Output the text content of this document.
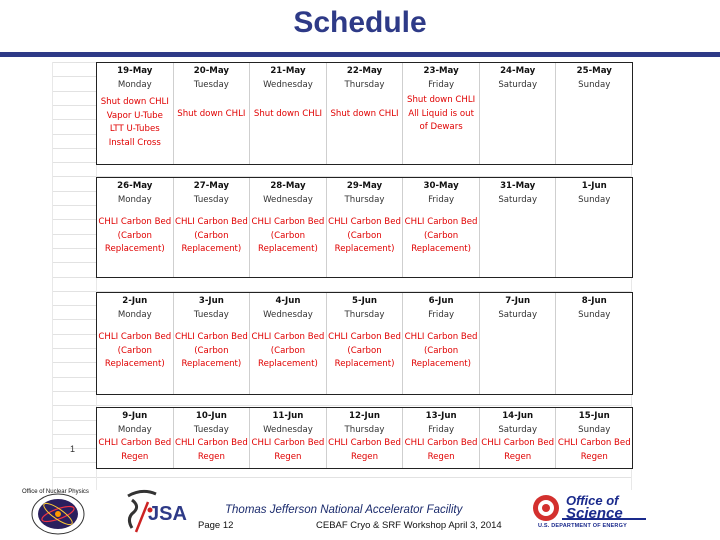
Schedule
1
19-May
Monday
Shut down CHLI
Vapor U-Tube
LTT U-Tubes
Install Cross
20-May
Tuesday
Shut down CHLI
21-May
Wednesday
Shut down CHLI
22-May
Thursday
Shut down CHLI
23-May
Friday
Shut down CHLI
All Liquid is out
of Dewars
24-May
Saturday
25-May
Sunday
26-May
Monday
CHLI Carbon Bed
(Carbon
Replacement)
27-May
Tuesday
CHLI Carbon Bed
(Carbon
Replacement)
28-May
Wednesday
CHLI Carbon Bed
(Carbon
Replacement)
29-May
Thursday
CHLI Carbon Bed
(Carbon
Replacement)
30-May
Friday
CHLI Carbon Bed
(Carbon
Replacement)
31-May
Saturday
1-Jun
Sunday
2-Jun
Monday
CHLI Carbon Bed
(Carbon
Replacement)
3-Jun
Tuesday
CHLI Carbon Bed
(Carbon
Replacement)
4-Jun
Wednesday
CHLI Carbon Bed
(Carbon
Replacement)
5-Jun
Thursday
CHLI Carbon Bed
(Carbon
Replacement)
6-Jun
Friday
CHLI Carbon Bed
(Carbon
Replacement)
7-Jun
Saturday
8-Jun
Sunday
9-Jun
Monday
CHLI Carbon Bed
Regen
10-Jun
Tuesday
CHLI Carbon Bed
Regen
11-Jun
Wednesday
CHLI Carbon Bed
Regen
12-Jun
Thursday
CHLI Carbon Bed
Regen
13-Jun
Friday
CHLI Carbon Bed
Regen
14-Jun
Saturday
CHLI Carbon Bed
Regen
15-Jun
Sunday
CHLI Carbon Bed
Regen
Office of Nuclear Physics
JSA	Thomas Jefferson National Accelerator Facility
Page 12	CEBAF Cryo & SRF Workshop April 3, 2014
Office of
Science
U.S. DEPARTMENT OF ENERGY
